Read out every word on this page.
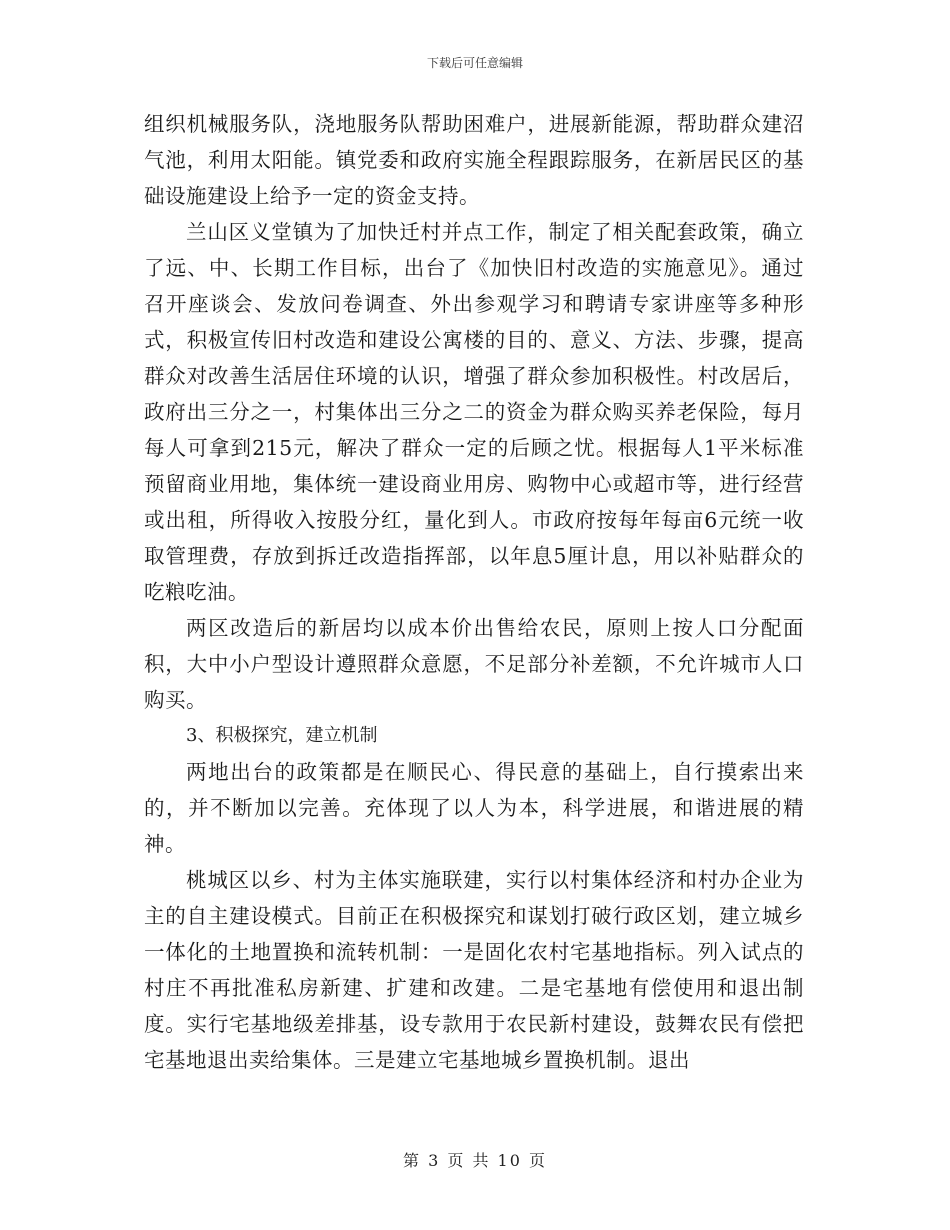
下载后可任意编辑

组织机械服务队，浇地服务队帮助困难户，进展新能源，帮助群众建沼气池，利用太阳能。镇党委和政府实施全程跟踪服务，在新居民区的基础设施建设上给予一定的资金支持。

兰山区义堂镇为了加快迁村并点工作，制定了相关配套政策，确立了远、中、长期工作目标，出台了《加快旧村改造的实施意见》。通过召开座谈会、发放问卷调查、外出参观学习和聘请专家讲座等多种形式，积极宣传旧村改造和建设公寓楼的目的、意义、方法、步骤，提高群众对改善生活居住环境的认识，增强了群众参加积极性。村改居后，政府出三分之一，村集体出三分之二的资金为群众购买养老保险，每月每人可拿到215元，解决了群众一定的后顾之忧。根据每人1平米标准预留商业用地，集体统一建设商业用房、购物中心或超市等，进行经营或出租，所得收入按股分红，量化到人。市政府按每年每亩6元统一收取管理费，存放到拆迁改造指挥部，以年息5厘计息，用以补贴群众的吃粮吃油。

两区改造后的新居均以成本价出售给农民，原则上按人口分配面积，大中小户型设计遵照群众意愿，不足部分补差额，不允许城市人口购买。

3、积极探究，建立机制

两地出台的政策都是在顺民心、得民意的基础上，自行摸索出来的，并不断加以完善。充体现了以人为本，科学进展，和谐进展的精神。

桃城区以乡、村为主体实施联建，实行以村集体经济和村办企业为主的自主建设模式。目前正在积极探究和谋划打破行政区划，建立城乡一体化的土地置换和流转机制：一是固化农村宅基地指标。列入试点的村庄不再批准私房新建、扩建和改建。二是宅基地有偿使用和退出制度。实行宅基地级差排基，设专款用于农民新村建设，鼓舞农民有偿把宅基地退出卖给集体。三是建立宅基地城乡置换机制。退出

第 3 页 共 10 页
